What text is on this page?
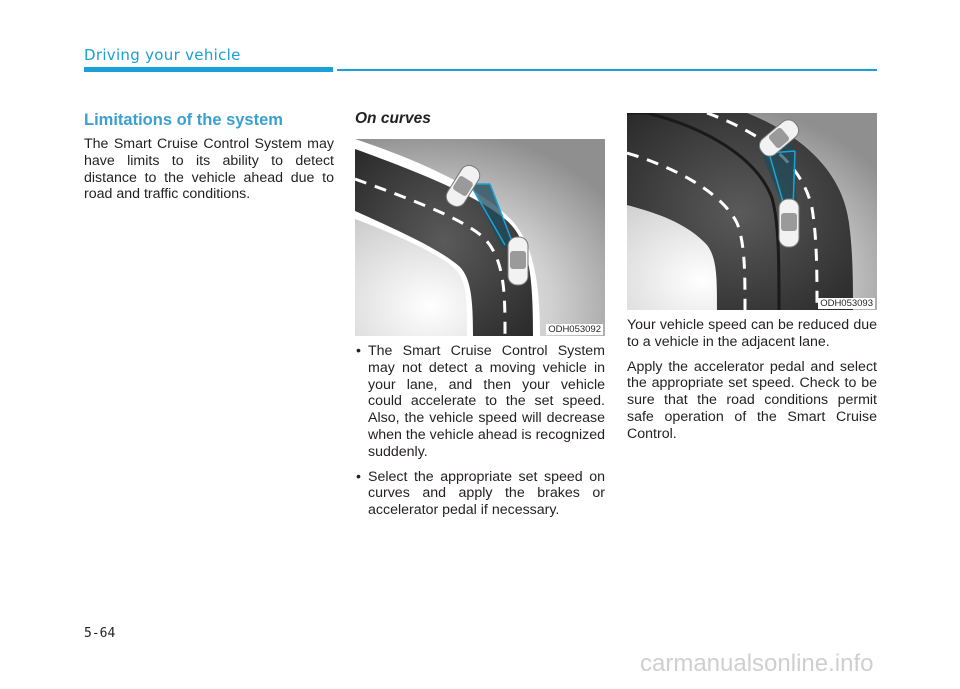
Driving your vehicle
Limitations of the system

The Smart Cruise Control System may have limits to its ability to detect distance to the vehicle ahead due to road and traffic conditions.

On curves
ODH053092
• The Smart Cruise Control System may not detect a moving vehicle in your lane, and then your vehicle could accelerate to the set speed. Also, the vehicle speed will decrease when the vehicle ahead is recognized suddenly.
• Select the appropriate set speed on curves and apply the brakes or accelerator pedal if necessary.
ODH053093

Your vehicle speed can be reduced due to a vehicle in the adjacent lane.

Apply the accelerator pedal and select the appropriate set speed. Check to be sure that the road conditions permit safe operation of the Smart Cruise Control.

5-64
carmanualsonline.info
